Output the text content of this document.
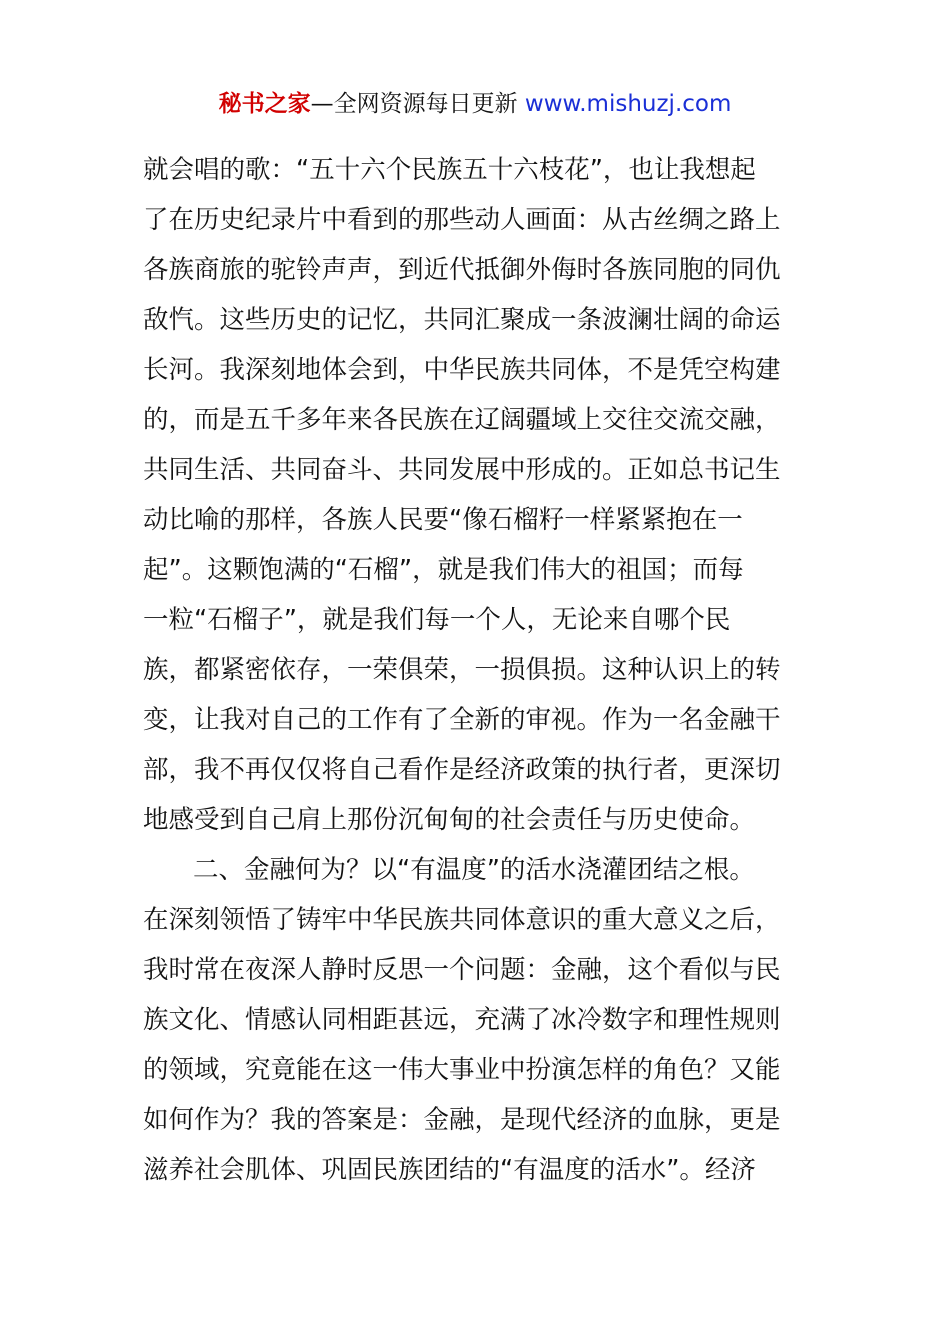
秘书之家—全网资源每日更新 www.mishuzj.com
就会唱的歌：“五十六个民族五十六枝花”，也让我想起
了在历史纪录片中看到的那些动人画面：从古丝绸之路上
各族商旅的驼铃声声，到近代抵御外侮时各族同胞的同仇
敌忾。这些历史的记忆，共同汇聚成一条波澜壮阔的命运
长河。我深刻地体会到，中华民族共同体，不是凭空构建
的，而是五千多年来各民族在辽阔疆域上交往交流交融，
共同生活、共同奋斗、共同发展中形成的。正如总书记生
动比喻的那样，各族人民要“像石榴籽一样紧紧抱在一
起”。这颗饱满的“石榴”，就是我们伟大的祖国；而每
一粒“石榴子”，就是我们每一个人，无论来自哪个民
族，都紧密依存，一荣俱荣，一损俱损。这种认识上的转
变，让我对自己的工作有了全新的审视。作为一名金融干
部，我不再仅仅将自己看作是经济政策的执行者，更深切
地感受到自己肩上那份沉甸甸的社会责任与历史使命。
二、金融何为？以“有温度”的活水浇灌团结之根。
在深刻领悟了铸牢中华民族共同体意识的重大意义之后，
我时常在夜深人静时反思一个问题：金融，这个看似与民
族文化、情感认同相距甚远，充满了冰冷数字和理性规则
的领域，究竟能在这一伟大事业中扮演怎样的角色？又能
如何作为？我的答案是：金融，是现代经济的血脉，更是
滋养社会肌体、巩固民族团结的“有温度的活水”。经济
